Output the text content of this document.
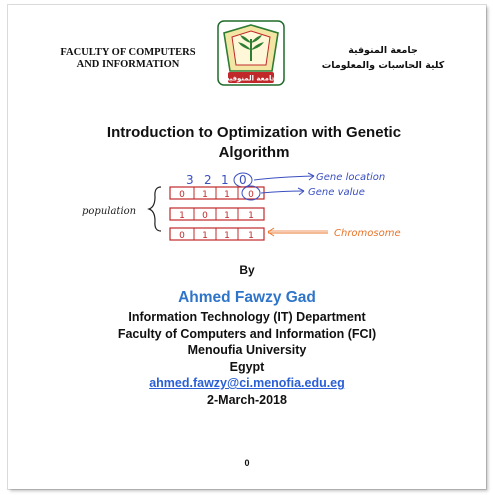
FACULTY OF COMPUTERS
AND INFORMATION
جامعة المنوفية
جامعة المنوفية
كلية الحاسبات والمعلومات
Introduction to Optimization with Genetic
Algorithm
3 2 1 0	Gene location
population
0 1 1 0	Gene value
1 0 1 1
0 1 1 1	Chromosome
By
Ahmed Fawzy Gad
Information Technology (IT) Department
Faculty of Computers and Information (FCI)
Menoufia University
Egypt
ahmed.fawzy@ci.menofia.edu.eg
2-March-2018
0
